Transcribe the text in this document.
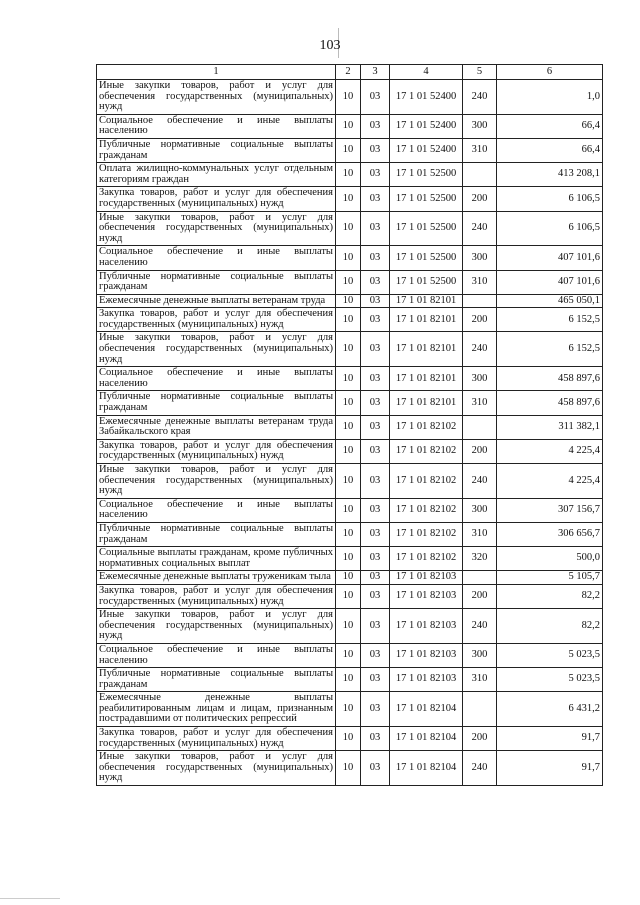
103
1	2	3	4	5	6
Иные закупки товаров, работ и услуг для обеспечения государственных (муниципальных) нужд	10	03	17 1 01 52400	240	1,0
Социальное обеспечение и иные выплаты населению	10	03	17 1 01 52400	300	66,4
Публичные нормативные социальные выплаты гражданам	10	03	17 1 01 52400	310	66,4
Оплата жилищно-коммунальных услуг отдельным категориям граждан	10	03	17 1 01 52500		413 208,1
Закупка товаров, работ и услуг для обеспечения государственных (муниципальных) нужд	10	03	17 1 01 52500	200	6 106,5
Иные закупки товаров, работ и услуг для обеспечения государственных (муниципальных) нужд	10	03	17 1 01 52500	240	6 106,5
Социальное обеспечение и иные выплаты населению	10	03	17 1 01 52500	300	407 101,6
Публичные нормативные социальные выплаты гражданам	10	03	17 1 01 52500	310	407 101,6
Ежемесячные денежные выплаты ветеранам труда	10	03	17 1 01 82101		465 050,1
Закупка товаров, работ и услуг для обеспечения государственных (муниципальных) нужд	10	03	17 1 01 82101	200	6 152,5
Иные закупки товаров, работ и услуг для обеспечения государственных (муниципальных) нужд	10	03	17 1 01 82101	240	6 152,5
Социальное обеспечение и иные выплаты населению	10	03	17 1 01 82101	300	458 897,6
Публичные нормативные социальные выплаты гражданам	10	03	17 1 01 82101	310	458 897,6
Ежемесячные денежные выплаты ветеранам труда Забайкальского края	10	03	17 1 01 82102		311 382,1
Закупка товаров, работ и услуг для обеспечения государственных (муниципальных) нужд	10	03	17 1 01 82102	200	4 225,4
Иные закупки товаров, работ и услуг для обеспечения государственных (муниципальных) нужд	10	03	17 1 01 82102	240	4 225,4
Социальное обеспечение и иные выплаты населению	10	03	17 1 01 82102	300	307 156,7
Публичные нормативные социальные выплаты гражданам	10	03	17 1 01 82102	310	306 656,7
Социальные выплаты гражданам, кроме публичных нормативных социальных выплат	10	03	17 1 01 82102	320	500,0
Ежемесячные денежные выплаты труженикам тыла	10	03	17 1 01 82103		5 105,7
Закупка товаров, работ и услуг для обеспечения государственных (муниципальных) нужд	10	03	17 1 01 82103	200	82,2
Иные закупки товаров, работ и услуг для обеспечения государственных (муниципальных) нужд	10	03	17 1 01 82103	240	82,2
Социальное обеспечение и иные выплаты населению	10	03	17 1 01 82103	300	5 023,5
Публичные нормативные социальные выплаты гражданам	10	03	17 1 01 82103	310	5 023,5
Ежемесячные денежные выплаты реабилитированным лицам и лицам, признанным пострадавшими от политических репрессий	10	03	17 1 01 82104		6 431,2
Закупка товаров, работ и услуг для обеспечения государственных (муниципальных) нужд	10	03	17 1 01 82104	200	91,7
Иные закупки товаров, работ и услуг для обеспечения государственных (муниципальных) нужд	10	03	17 1 01 82104	240	91,7
